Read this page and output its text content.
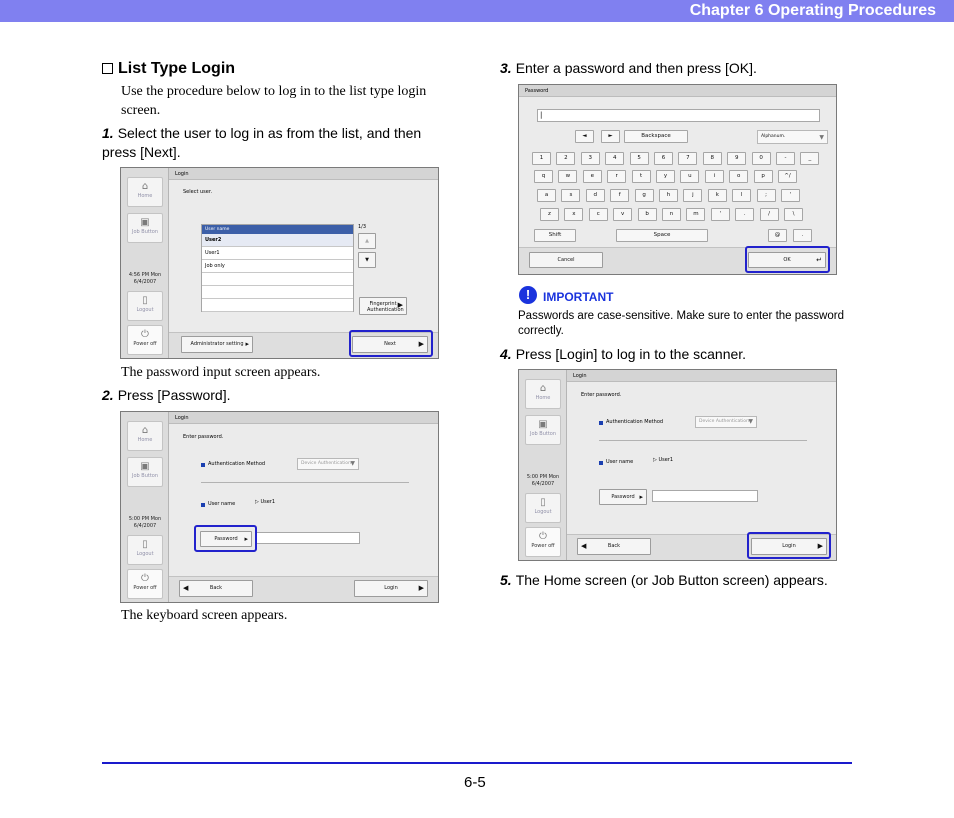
Chapter 6 Operating Procedures
List Type Login
Use the procedure below to log in to the list type login screen.
1. Select the user to log in as from the list, and then press [Next].
⌂
Home
▣
Job Button
4:56 PM Mon
6/4/2007
▯
Logout
⏻
Power off
Login
Select user.
User name
User2
User1
Job only
1/3
▲
▼
Fingerprint Authentication
▶
Administrator setting ▸	Next	▶
The password input screen appears.
2. Press [Password].
⌂
Home
▣
Job Button
5:00 PM Mon
6/4/2007
▯
Logout
⏻
Power off
Login
Enter password.
Authentication Method	Device Authentication ▼
User name	▷ User1
Password ▸
◀	Back	Login	▶
The keyboard screen appears.
3. Enter a password and then press [OK].
Password
|
◄	►	Backspace	Alphanum.	▼
1	2	3	4	5	6	7	8	9	0	-	_
q	w	e	r	t	y	u	i	o	p	^/
a	s	d	f	g	h	j	k	l	;	'
z	x	c	v	b	n	m	'	.	/	\
Shift	Space	@	.
Cancel	OK	↵
!	IMPORTANT
Passwords are case-sensitive. Make sure to enter the password correctly.
4. Press [Login] to log in to the scanner.
⌂
Home
▣
Job Button
5:00 PM Mon
6/4/2007
▯
Logout
⏻
Power off
Login
Enter password.
Authentication Method	Device Authentication ▼
User name	▷ User1
Password ▸
◀	Back	Login	▶
5. The Home screen (or Job Button screen) appears.
6-5
